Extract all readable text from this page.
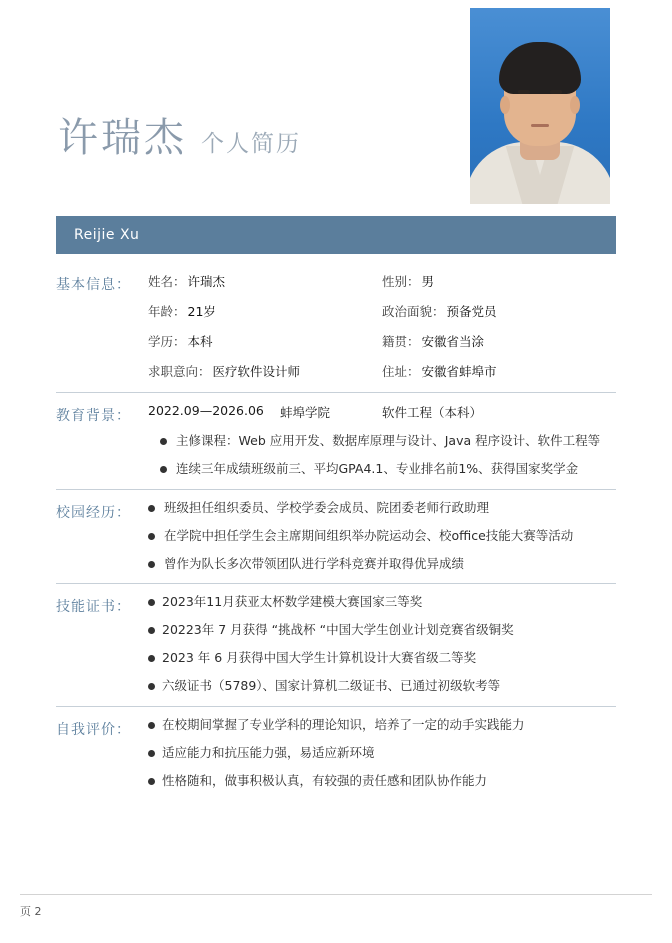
许瑞杰 个人简历
Reijie Xu
基本信息：	姓名： 许瑞杰	性别： 男
年龄： 21岁	政治面貌： 预备党员
学历： 本科	籍贯： 安徽省当涂
求职意向： 医疗软件设计师	住址： 安徽省蚌埠市
教育背景：	2022.09—2026.06	蚌埠学院	软件工程（本科）
主修课程：Web 应用开发、数据库原理与设计、Java 程序设计、软件工程等
连续三年成绩班级前三、平均GPA4.1、专业排名前1%、获得国家奖学金
校园经历：	班级担任组织委员、学校学委会成员、院团委老师行政助理
在学院中担任学生会主席期间组织举办院运动会、校office技能大赛等活动
曾作为队长多次带领团队进行学科竞赛并取得优异成绩
技能证书：	2023年11月获亚太杯数学建模大赛国家三等奖
20223年 7 月获得 “挑战杯 “中国大学生创业计划竞赛省级铜奖
2023 年 6 月获得中国大学生计算机设计大赛省级二等奖
六级证书（5789）、国家计算机二级证书、已通过初级软考等
自我评价：	在校期间掌握了专业学科的理论知识，培养了一定的动手实践能力
适应能力和抗压能力强，易适应新环境
性格随和，做事积极认真，有较强的责任感和团队协作能力
页 2
